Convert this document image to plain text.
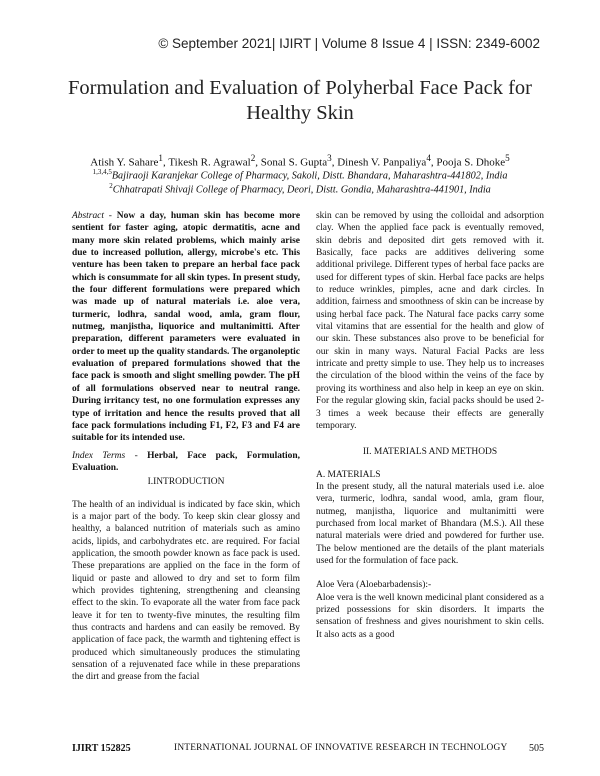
© September 2021| IJIRT | Volume 8 Issue 4 | ISSN: 2349-6002
Formulation and Evaluation of Polyherbal Face Pack for Healthy Skin
Atish Y. Sahare$^1$, Tikesh R. Agrawal$^2$, Sonal S. Gupta$^3$, Dinesh V. Panpaliya$^4$, Pooja S. Dhoke$^5$
$^{1,3,4,5}$Bajirao​ji Karanjekar College of Pharmacy, Sakoli, Distt. Bhandara, Maharashtra-441802, India
$^2$Chhatrapati Shivaji College of Pharmacy, Deori, Distt. Gondia, Maharashtra-441901, India

Abstract - Now a day, human skin has become more sentient for faster aging, atopic dermatitis, acne and many more skin related problems, which mainly arise due to increased pollution, allergy, microbe's etc. This venture has been taken to prepare an herbal face pack which is consummate for all skin types. In present study, the four different formulations were prepared which was made up of natural materials i.e. aloe vera, turmeric, lodhra, sandal wood, amla, gram flour, nutmeg, manjistha, liquorice and multanimitti. After preparation, different parameters were evaluated in order to meet up the quality standards. The organoleptic evaluation of prepared formulations showed that the face pack is smooth and slight smelling powder. The pH of all formulations observed near to neutral range. During irritancy test, no one formulation expresses any type of irritation and hence the results proved that all face pack formulations including F1, F2, F3 and F4 are suitable for its intended use.

Index Terms - Herbal, Face pack, Formulation, Evaluation.

I.INTRODUCTION

The health of an individual is indicated by face skin, which is a major part of the body. To keep skin clear glossy and healthy, a balanced nutrition of materials such as amino acids, lipids, and carbohydrates etc. are required. For facial application, the smooth powder known as face pack is used. These preparations are applied on the face in the form of liquid or paste and allowed to dry and set to form film which provides tightening, strengthening and cleansing effect to the skin. To evaporate all the water from face pack leave it for ten to twenty-five minutes, the resulting film thus contracts and hardens and can easily be removed. By application of face pack, the warmth and tightening effect is produced which simultaneously produces the stimulating sensation of a rejuvenated face while in these preparations the dirt and grease from the facial

skin can be removed by using the colloidal and adsorption clay. When the applied face pack is eventually removed, skin debris and deposited dirt gets removed with it. Basically, face packs are additives delivering some additional privilege. Different types of herbal face packs are used for different types of skin. Herbal face packs are helps to reduce wrinkles, pimples, acne and dark circles. In addition, fairness and smoothness of skin can be increase by using herbal face pack. The Natural face packs carry some vital vitamins that are essential for the health and glow of our skin. These substances also prove to be beneficial for our skin in many ways. Natural Facial Packs are less intricate and pretty simple to use. They help us to increases the circulation of the blood within the veins of the face by proving its worthiness and also help in keep an eye on skin. For the regular glowing skin, facial packs should be used 2-3 times a week because their effects are generally temporary.

II. MATERIALS AND METHODS

A. MATERIALS

In the present study, all the natural materials used i.e. aloe vera, turmeric, lodhra, sandal wood, amla, gram flour, nutmeg, manjistha, liquorice and multanimitti were purchased from local market of Bhandara (M.S.). All these natural materials were dried and powdered for further use. The below mentioned are the details of the plant materials used for the formulation of face pack.

Aloe Vera (Aloebarbadensis):-

Aloe vera is the well known medicinal plant considered as a prized possessions for skin disorders. It imparts the sensation of freshness and gives nourishment to skin cells. It also acts as a good

IJIRT 152825	INTERNATIONAL JOURNAL OF INNOVATIVE RESEARCH IN TECHNOLOGY 505
